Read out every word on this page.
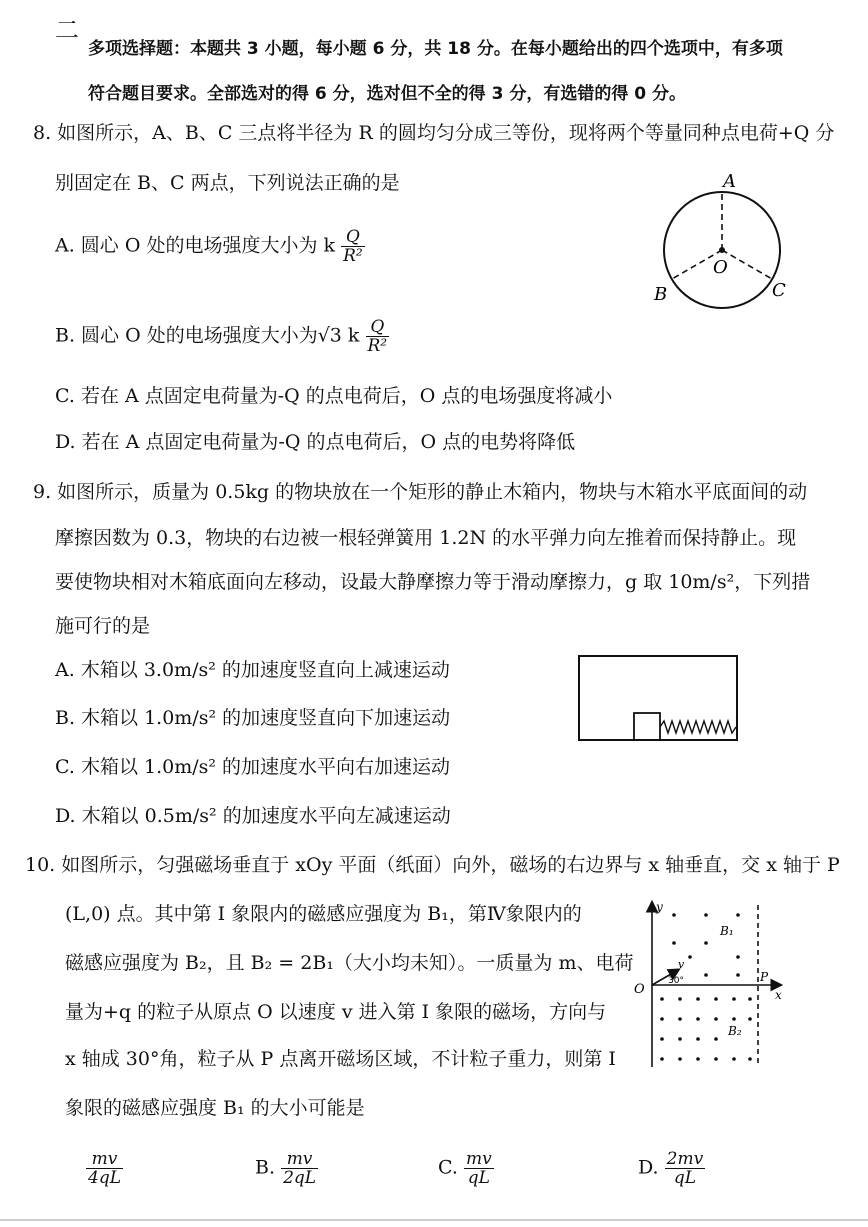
二
多项选择题：本题共 3 小题，每小题 6 分，共 18 分。在每小题给出的四个选项中，有多项
符合题目要求。全部选对的得 6 分，选对但不全的得 3 分，有选错的得 0 分。
8. 如图所示，A、B、C 三点将半径为 R 的圆均匀分成三等份，现将两个等量同种点电荷+Q 分
别固定在 B、C 两点，下列说法正确的是
A. 圆心 O 处的电场强度大小为 k $\frac{Q}{\text{R²}}$
B. 圆心 O 处的电场强度大小为√3 k $\frac{Q}{\text{R²}}$
C. 若在 A 点固定电荷量为-Q 的点电荷后，O 点的电场强度将减小
D. 若在 A 点固定电荷量为-Q 的点电荷后，O 点的电势将降低
A
O
B	C
9. 如图所示，质量为 0.5kg 的物块放在一个矩形的静止木箱内，物块与木箱水平底面间的动
摩擦因数为 0.3，物块的右边被一根轻弹簧用 1.2N 的水平弹力向左推着而保持静止。现
要使物块相对木箱底面向左移动，设最大静摩擦力等于滑动摩擦力，g 取 10m/s²，下列措
施可行的是
A. 木箱以 3.0m/s² 的加速度竖直向上减速运动
B. 木箱以 1.0m/s² 的加速度竖直向下加速运动
C. 木箱以 1.0m/s² 的加速度水平向右加速运动
D. 木箱以 0.5m/s² 的加速度水平向左减速运动
10. 如图所示，匀强磁场垂直于 xOy 平面（纸面）向外，磁场的右边界与 x 轴垂直，交 x 轴于 P
(L,0) 点。其中第 Ⅰ 象限内的磁感应强度为 B₁，第Ⅳ象限内的
磁感应强度为 B₂，且 B₂ = 2B₁（大小均未知）。一质量为 m、电荷
量为+q 的粒子从原点 O 以速度 v 进入第 Ⅰ 象限的磁场，方向与
x 轴成 30°角，粒子从 P 点离开磁场区域，不计粒子重力，则第 Ⅰ
象限的磁感应强度 B₁ 的大小可能是
$\frac{mv}{4qL}$	B. $\frac{mv}{2qL}$	C. $\frac{mv}{qL}$	D. $\frac{2mv}{qL}$
y
x
O
P
v
30°
B₁
B₂
